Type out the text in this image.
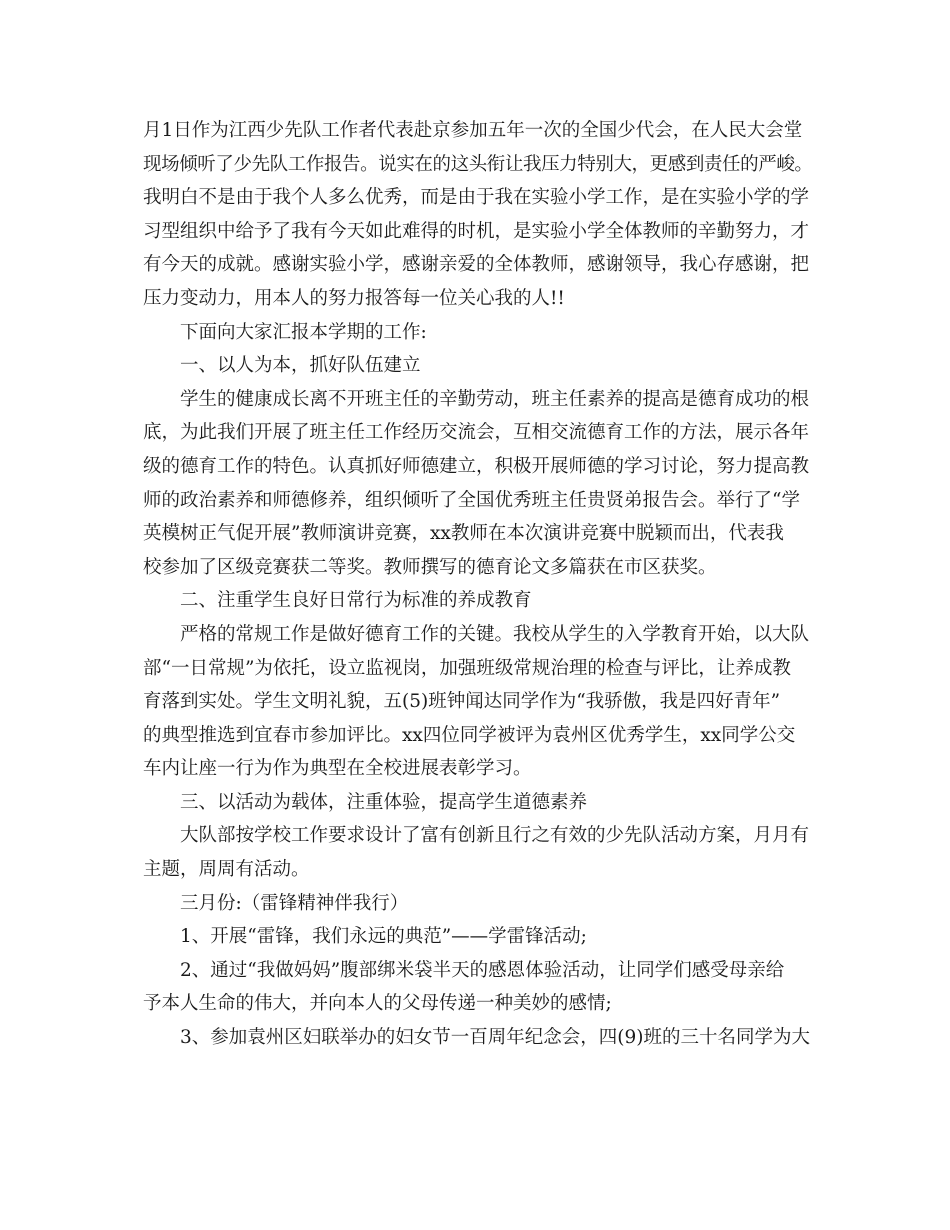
月1日作为江西少先队工作者代表赴京参加五年一次的全国少代会，在人民大会堂
现场倾听了少先队工作报告。说实在的这头衔让我压力特别大，更感到责任的严峻。
我明白不是由于我个人多么优秀，而是由于我在实验小学工作，是在实验小学的学
习型组织中给予了我有今天如此难得的时机，是实验小学全体教师的辛勤努力，才
有今天的成就。感谢实验小学，感谢亲爱的全体教师，感谢领导，我心存感谢，把
压力变动力，用本人的努力报答每一位关心我的人!!
下面向大家汇报本学期的工作:
一、以人为本，抓好队伍建立
学生的健康成长离不开班主任的辛勤劳动，班主任素养的提高是德育成功的根
底，为此我们开展了班主任工作经历交流会，互相交流德育工作的方法，展示各年
级的德育工作的特色。认真抓好师德建立，积极开展师德的学习讨论，努力提高教
师的政治素养和师德修养，组织倾听了全国优秀班主任贵贤弟报告会。举行了“学
英模树正气促开展”教师演讲竞赛，xx教师在本次演讲竞赛中脱颖而出，代表我
校参加了区级竞赛获二等奖。教师撰写的德育论文多篇获在市区获奖。
二、注重学生良好日常行为标准的养成教育
严格的常规工作是做好德育工作的关键。我校从学生的入学教育开始，以大队
部“一日常规”为依托，设立监视岗，加强班级常规治理的检查与评比，让养成教
育落到实处。学生文明礼貌，五(5)班钟闻达同学作为“我骄傲，我是四好青年”
的典型推选到宜春市参加评比。xx四位同学被评为袁州区优秀学生，xx同学公交
车内让座一行为作为典型在全校进展表彰学习。
三、以活动为载体，注重体验，提高学生道德素养
大队部按学校工作要求设计了富有创新且行之有效的少先队活动方案，月月有
主题，周周有活动。
三月份:（雷锋精神伴我行）
1、开展“雷锋，我们永远的典范”——学雷锋活动;
2、通过“我做妈妈”腹部绑米袋半天的感恩体验活动，让同学们感受母亲给
予本人生命的伟大，并向本人的父母传递一种美妙的感情;
3、参加袁州区妇联举办的妇女节一百周年纪念会，四(9)班的三十名同学为大
